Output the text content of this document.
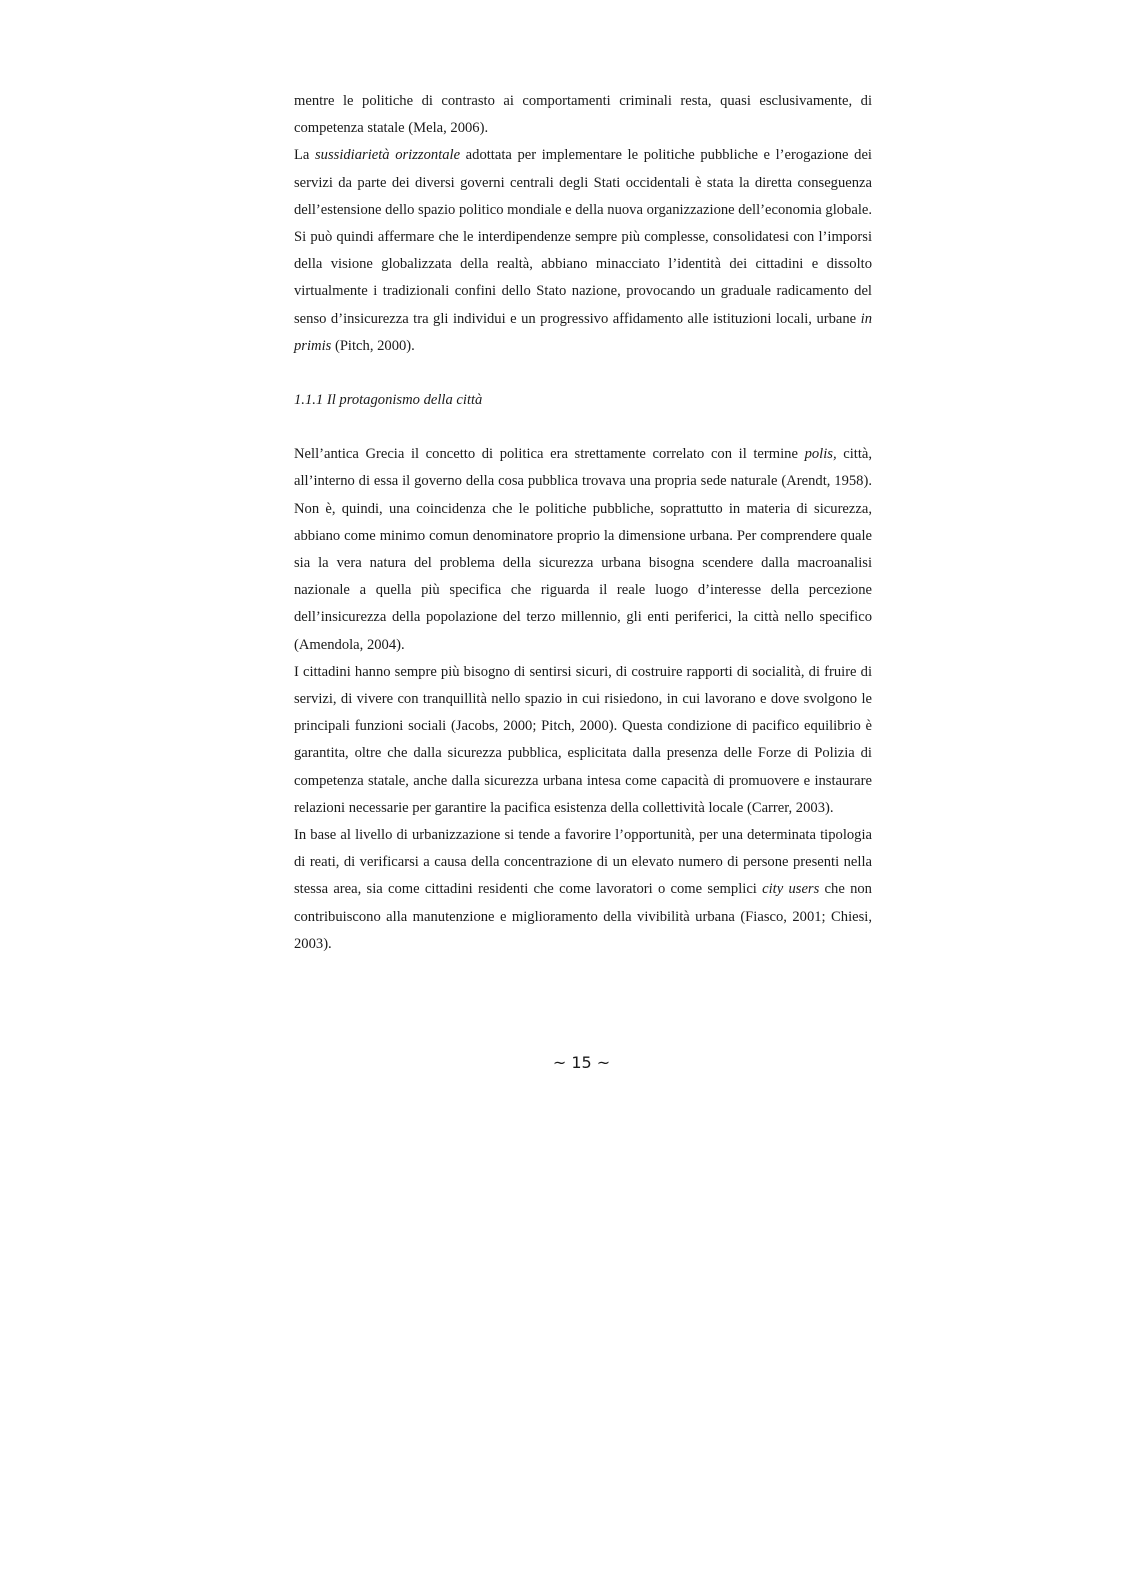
mentre le politiche di contrasto ai comportamenti criminali resta, quasi esclusivamente, di competenza statale (Mela, 2006).

La sussidiarietà orizzontale adottata per implementare le politiche pubbliche e l’erogazione dei servizi da parte dei diversi governi centrali degli Stati occidentali è stata la diretta conseguenza dell’estensione dello spazio politico mondiale e della nuova organizzazione dell’economia globale.

Si può quindi affermare che le interdipendenze sempre più complesse, consolidatesi con l’imporsi della visione globalizzata della realtà, abbiano minacciato l’identità dei cittadini e dissolto virtualmente i tradizionali confini dello Stato nazione, provocando un graduale radicamento del senso d’insicurezza tra gli individui e un progressivo affidamento alle istituzioni locali, urbane in primis (Pitch, 2000).

1.1.1 Il protagonismo della città

Nell’antica Grecia il concetto di politica era strettamente correlato con il termine polis, città, all’interno di essa il governo della cosa pubblica trovava una propria sede naturale (Arendt, 1958). Non è, quindi, una coincidenza che le politiche pubbliche, soprattutto in materia di sicurezza, abbiano come minimo comun denominatore proprio la dimensione urbana. Per comprendere quale sia la vera natura del problema della sicurezza urbana bisogna scendere dalla macroanalisi nazionale a quella più specifica che riguarda il reale luogo d’interesse della percezione dell’insicurezza della popolazione del terzo millennio, gli enti periferici, la città nello specifico (Amendola, 2004).

I cittadini hanno sempre più bisogno di sentirsi sicuri, di costruire rapporti di socialità, di fruire di servizi, di vivere con tranquillità nello spazio in cui risiedono, in cui lavorano e dove svolgono le principali funzioni sociali (Jacobs, 2000; Pitch, 2000). Questa condizione di pacifico equilibrio è garantita, oltre che dalla sicurezza pubblica, esplicitata dalla presenza delle Forze di Polizia di competenza statale, anche dalla sicurezza urbana intesa come capacità di promuovere e instaurare relazioni necessarie per garantire la pacifica esistenza della collettività locale (Carrer, 2003).

In base al livello di urbanizzazione si tende a favorire l’opportunità, per una determinata tipologia di reati, di verificarsi a causa della concentrazione di un elevato numero di persone presenti nella stessa area, sia come cittadini residenti che come lavoratori o come semplici city users che non contribuiscono alla manutenzione e miglioramento della vivibilità urbana (Fiasco, 2001; Chiesi, 2003).

~ 15 ~
